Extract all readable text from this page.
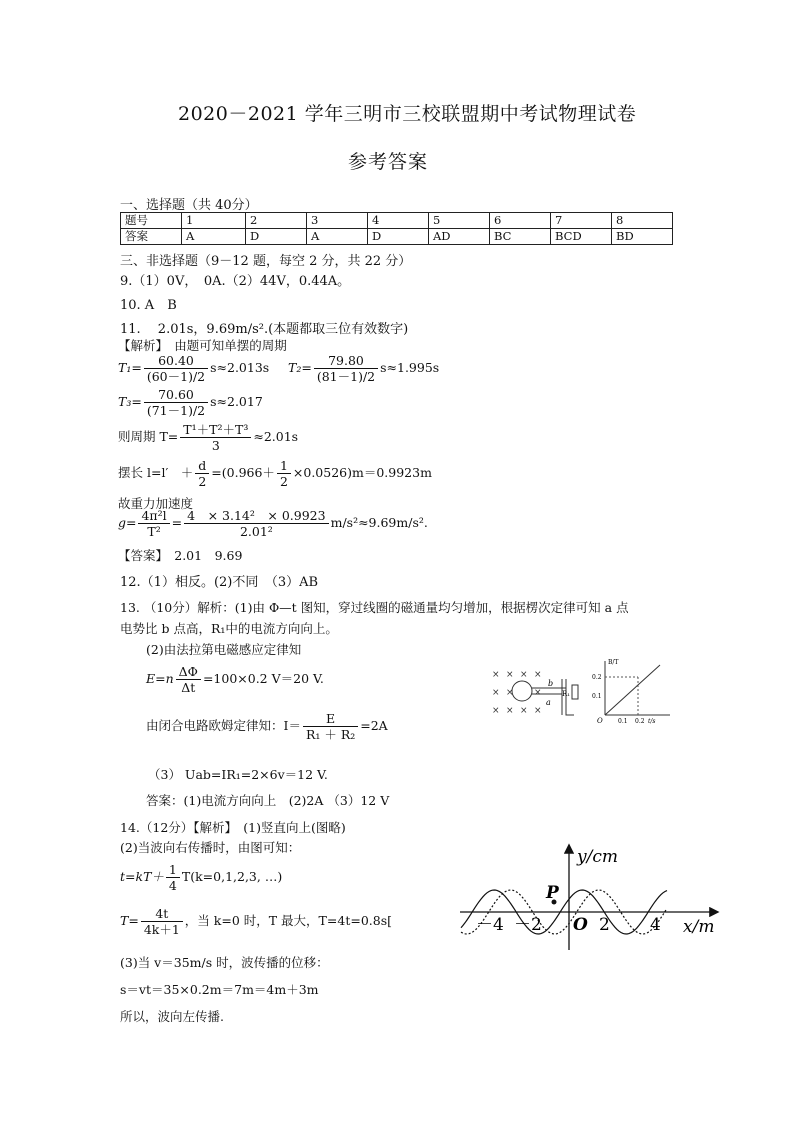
2020－2021 学年三明市三校联盟期中考试物理试卷
参考答案
一、选择题（共 40分）
题号	1	2	3	4	5	6	7	8
答案	A	D	A	D	AD	BC	BCD	BD
三、非选择题（9－12 题，每空 2 分，共 22 分）
9.（1）0V，　0A.（2）44V，0.44A。
10. A　B
11.　 2.01s，9.69m/s².(本题都取三位有效数字)
【解析】　由题可知单摆的周期
$T_1= \frac{60.40}{(60-1)/2} s\approx 2.013s$ $T_2= \frac{79.80}{(81-1)/2} s\approx 1.995s$
$T_3= \frac{70.60}{(71-1)/2} s\approx 2.017$
则周期 $T= \frac{\text{T¹＋T²＋T³}}{3} \approx 2.01s$
摆长 l=l′　＋ $\frac{d}{2} =(0.966+ \frac{1}{2} \times 0.0526)m=0.9923m$
故重力加速度
$g= \frac{\text{4π²l}}{\text{T²}} = \frac{\text{4　× 3.14²　× 0.9923}}{\text{2.01²}} m/s^2\approx 9.69m/s^2$.
【答案】　2.01　9.69
12.（1）相反。(2)不同　（3）AB
13. （10分）解析：(1)由 Φ—t 图知，穿过线圈的磁通量均匀增加，根据楞次定律可知 a 点
电势比 b 点高，R₁中的电流方向向上。
(2)由法拉第电磁感应定律知
$E=n \frac{\Delta\Phi}{\Delta t} =100\times 0.2$ V＝20 V.
由闭合电路欧姆定律知：$I= \frac{E}{\text{R₁ ＋ R₂}} =2A$
（3） Uab=IR₁=2×6v＝12 V.
答案：(1)电流方向向上　(2)2A （3）12 V
× × × ×
× × ×
× × × ×
b
a
R₁
B/T
0.2
0.1
O	0.1 0.2 t/s
14.（12分）【解析】　(1)竖直向上(图略)
(2)当波向右传播时，由图可知：
$t=kT+ \frac{1}{4} T(k=0,1,2,3$, …)
$T= \frac{4t}{4k+1}$ ，当 k=0 时，T 最大，T=4t=0.8s[
(3)当 v＝35m/s 时，波传播的位移：
s＝vt＝35×0.2m＝7m＝4m＋3m
所以，波向左传播.
y/cm
x/m
O
P
－4 －2	2 4
